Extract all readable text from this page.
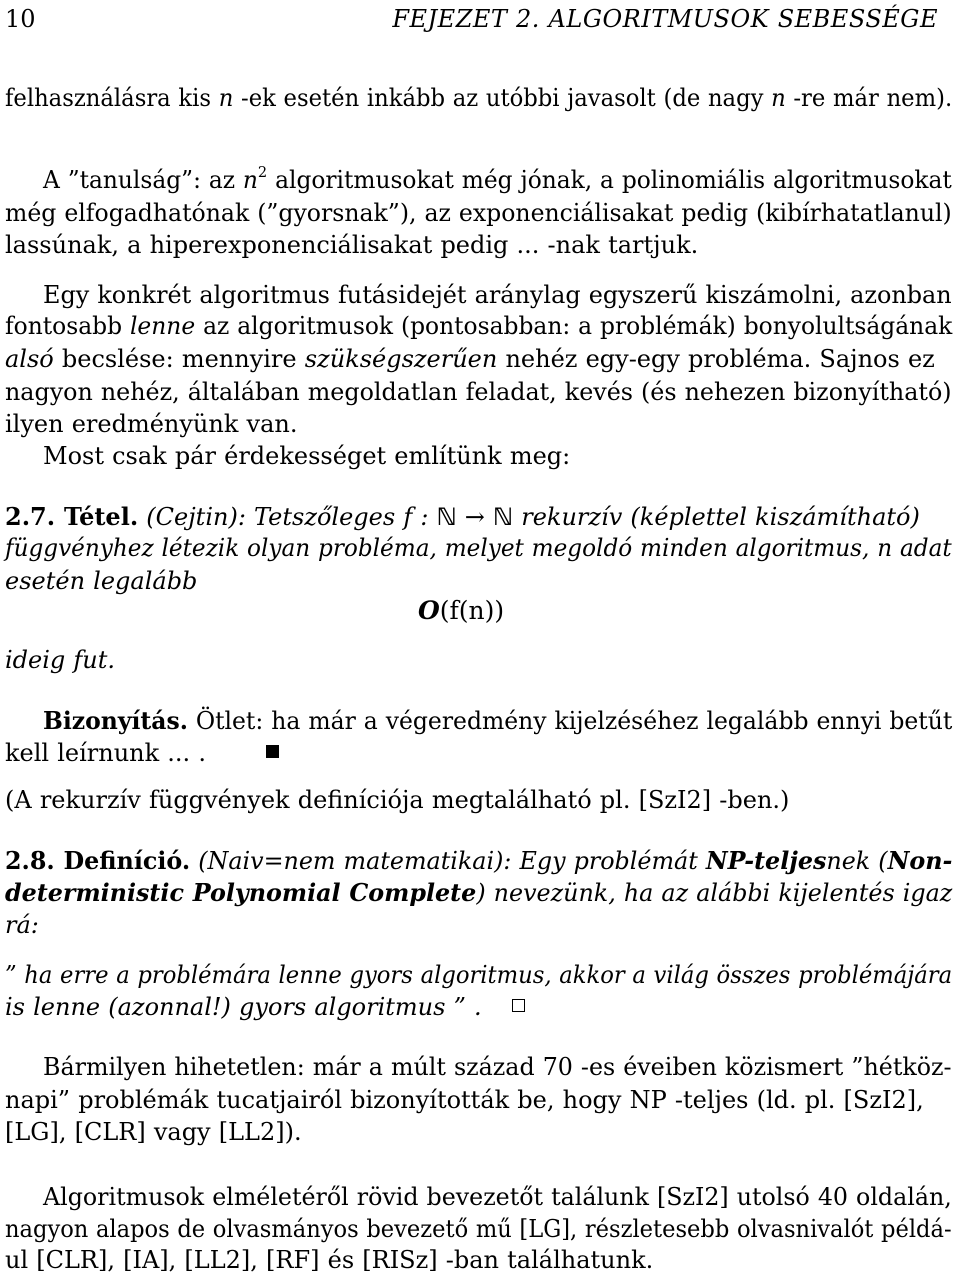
10	FEJEZET 2. ALGORITMUSOK SEBESSÉGE
felhasználásra kis n -ek esetén inkább az utóbbi javasolt (de nagy n -re már nem).
A ”tanulság”: az $n^2$ algoritmusokat még jónak, a polinomiális algoritmusokat
még elfogadhatónak (”gyorsnak”), az exponenciálisakat pedig (kibírhatatlanul)
lassúnak, a hiperexponenciálisakat pedig ... -nak tartjuk.
Egy konkrét algoritmus futásidejét aránylag egyszerű kiszámolni, azonban
fontosabb lenne az algoritmusok (pontosabban: a problémák) bonyolultságának
alsó becslése: mennyire szükségszerűen nehéz egy-egy probléma. Sajnos ez
nagyon nehéz, általában megoldatlan feladat, kevés (és nehezen bizonyítható)
ilyen eredményünk van.
Most csak pár érdekességet említünk meg:
2.7. Tétel. (Cejtin): Tetszőleges f : ℕ → ℕ rekurzív (képlettel kiszámítható)
függvényhez létezik olyan probléma, melyet megoldó minden algoritmus, n adat
esetén legalább
O(f(n))
ideig fut.
Bizonyítás. Ötlet: ha már a végeredmény kijelzéséhez legalább ennyi betűt
kell leírnunk ... .
(A rekurzív függvények definíciója megtalálható pl. [SzI2] -ben.)
2.8. Definíció. (Naiv=nem matematikai): Egy problémát NP-teljesnek (Non-
deterministic Polynomial Complete) nevezünk, ha az alábbi kijelentés igaz
rá:
” ha erre a problémára lenne gyors algoritmus, akkor a világ összes problémájára
is lenne (azonnal!) gyors algoritmus ” .
Bármilyen hihetetlen: már a múlt század 70 -es éveiben közismert ”hétköz-
napi” problémák tucatjairól bizonyították be, hogy NP -teljes (ld. pl. [SzI2],
[LG], [CLR] vagy [LL2]).
Algoritmusok elméletéről rövid bevezetőt találunk [SzI2] utolsó 40 oldalán,
nagyon alapos de olvasmányos bevezető mű [LG], részletesebb olvasnivalót példá-
ul [CLR], [IA], [LL2], [RF] és [RISz] -ban találhatunk.
